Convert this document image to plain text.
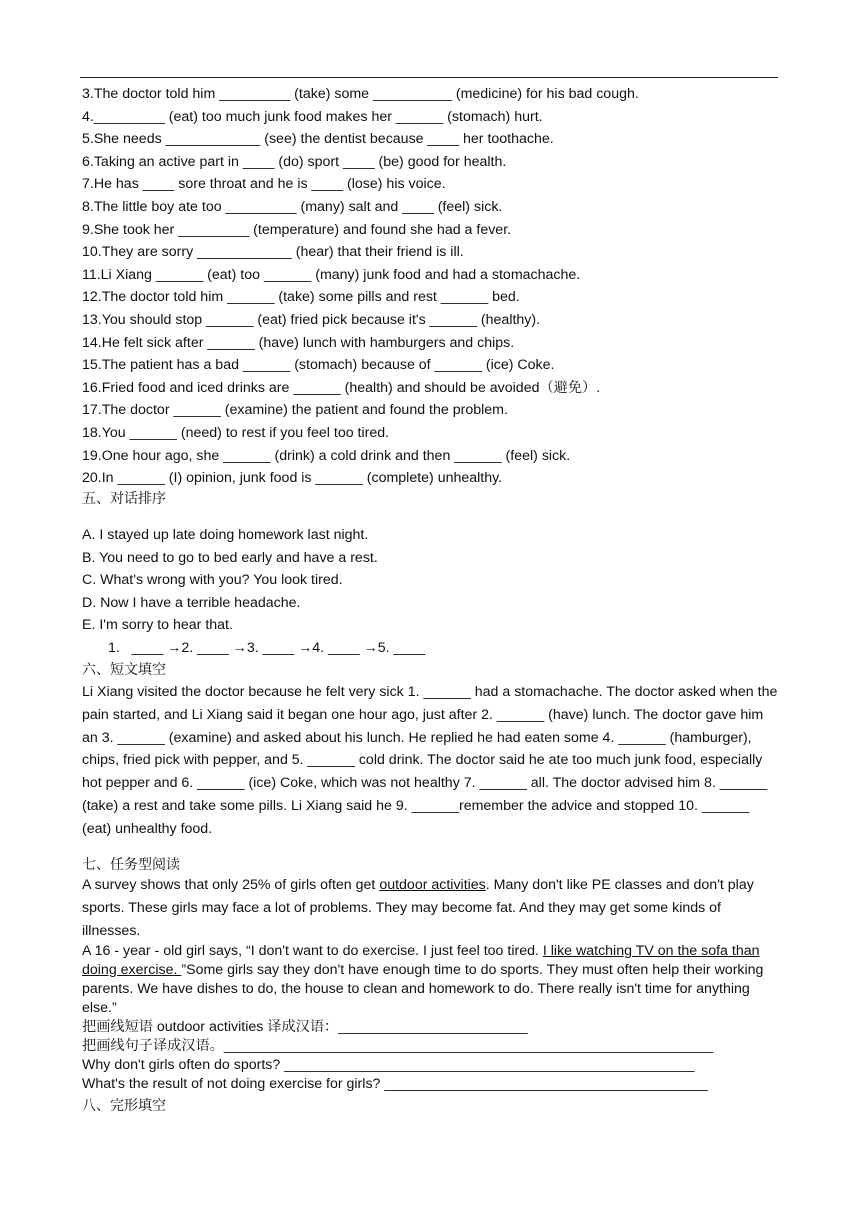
3.The doctor told him _________ (take) some __________ (medicine) for his bad cough.
4._________ (eat) too much junk food makes her ______ (stomach) hurt.
5.She needs ____________ (see) the dentist because ____ her toothache.
6.Taking an active part in ____ (do) sport ____ (be) good for health.
7.He has ____ sore throat and he is ____ (lose) his voice.
8.The little boy ate too _________ (many) salt and ____ (feel) sick.
9.She took her _________ (temperature) and found she had a fever.
10.They are sorry ____________ (hear) that their friend is ill.
11.Li Xiang ______ (eat) too ______ (many) junk food and had a stomachache.
12.The doctor told him ______ (take) some pills and rest ______ bed.
13.You should stop ______ (eat) fried pick because it's ______ (healthy).
14.He felt sick after ______ (have) lunch with hamburgers and chips.
15.The patient has a bad ______ (stomach) because of ______ (ice) Coke.
16.Fried food and iced drinks are ______ (health) and should be avoided（避免）.
17.The doctor ______ (examine) the patient and found the problem.
18.You ______ (need) to rest if you feel too tired.
19.One hour ago, she ______ (drink) a cold drink and then ______ (feel) sick.
20.In ______ (I) opinion, junk food is ______ (complete) unhealthy.
五、对话排序
A. I stayed up late doing homework last night.
B. You need to go to bed early and have a rest.
C. What's wrong with you? You look tired.
D. Now I have a terrible headache.
E. I'm sorry to hear that.
1.   ____ →2. ____ →3. ____ →4. ____ →5. ____
六、短文填空
Li Xiang visited the doctor because he felt very sick 1. ______ had a stomachache. The doctor asked when the pain started, and Li Xiang said it began one hour ago, just after 2. ______ (have) lunch. The doctor gave him an 3. ______ (examine) and asked about his lunch. He replied he had eaten some 4. ______ (hamburger), chips, fried pick with pepper, and 5. ______ cold drink. The doctor said he ate too much junk food, especially hot pepper and 6. ______ (ice) Coke, which was not healthy 7. ______ all. The doctor advised him 8. ______ (take) a rest and take some pills. Li Xiang said he 9. ______remember the advice and stopped 10. ______ (eat) unhealthy food.
七、任务型阅读
A survey shows that only 25% of girls often get outdoor activities. Many don't like PE classes and don't play sports. These girls may face a lot of problems. They may become fat. And they may get some kinds of illnesses.
A 16 - year - old girl says, “I don't want to do exercise. I just feel too tired. I like watching TV on the sofa than doing exercise. ”Some girls say they don't have enough time to do sports. They must often help their working parents. We have dishes to do, the house to clean and homework to do. There really isn't time for anything else.”
把画线短语 outdoor activities 译成汉语：________________________
把画线句子译成汉语。______________________________________________________________
Why don't girls often do sports? ____________________________________________________
What's the result of not doing exercise for girls? _________________________________________
八、完形填空
